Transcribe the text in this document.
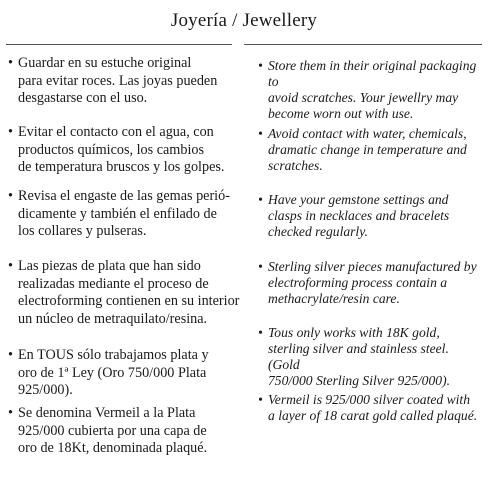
Joyería / Jewellery
• Guardar en su estuche original
para evitar roces. Las joyas pueden
desgastarse con el uso.
• Evitar el contacto con el agua, con
productos químicos, los cambios
de temperatura bruscos y los golpes.
• Revisa el engaste de las gemas perió-
dicamente y también el enfilado de
los collares y pulseras.
• Las piezas de plata que han sido
realizadas mediante el proceso de
electroforming contienen en su interior
un núcleo de metraquilato/resina.
• En TOUS sólo trabajamos plata y
oro de 1ª Ley (Oro 750/000 Plata
925/000).
• Se denomina Vermeil a la Plata
925/000 cubierta por una capa de
oro de 18Kt, denominada plaqué.
• Store them in their original packaging to
avoid scratches. Your jewellry may
become worn out with use.
• Avoid contact with water, chemicals,
dramatic change in temperature and
scratches.
• Have your gemstone settings and
clasps in necklaces and bracelets
checked regularly.
• Sterling silver pieces manufactured by
electroforming process contain a
methacrylate/resin care.
• Tous only works with 18K gold,
sterling silver and stainless steel. (Gold
750/000 Sterling Silver 925/000).
• Vermeil is 925/000 silver coated with
a layer of 18 carat gold called plaqué.
